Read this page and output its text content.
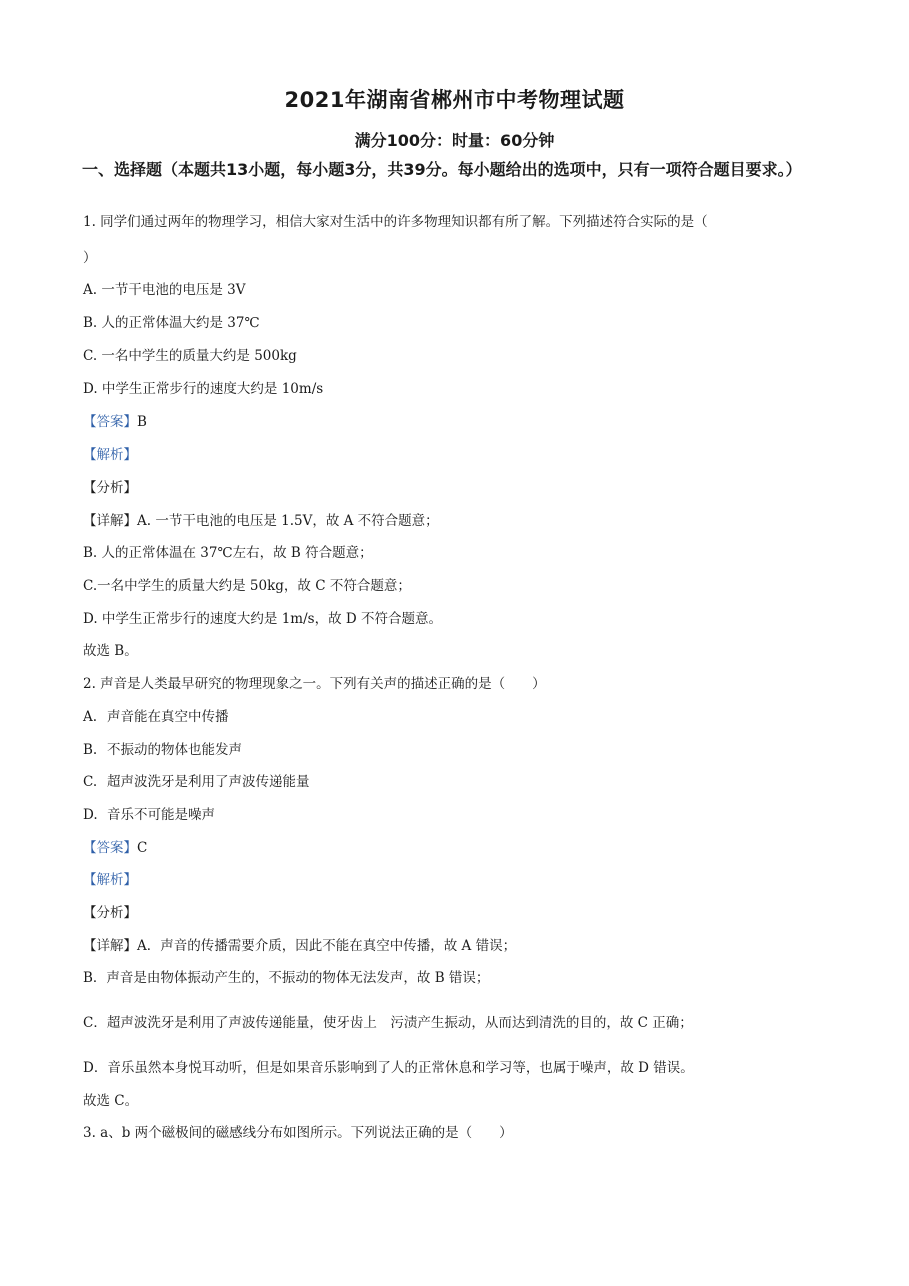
2021年湖南省郴州市中考物理试题
满分100分：时量：60分钟
一、选择题（本题共13小题，每小题3分，共39分。每小题给出的选项中，只有一项符合题目要求。）
1. 同学们通过两年的物理学习，相信大家对生活中的许多物理知识都有所了解。下列描述符合实际的是（
）
A. 一节干电池的电压是 3V
B. 人的正常体温大约是 37℃
C. 一名中学生的质量大约是 500kg
D. 中学生正常步行的速度大约是 10m/s
【答案】B
【解析】
【分析】
【详解】A. 一节干电池的电压是 1.5V，故 A 不符合题意；
B. 人的正常体温在 37℃左右，故 B 符合题意；
C.一名中学生的质量大约是 50kg，故 C 不符合题意；
D. 中学生正常步行的速度大约是 1m/s，故 D 不符合题意。
故选 B。
2. 声音是人类最早研究的物理现象之一。下列有关声的描述正确的是（　　）
A. 声音能在真空中传播
B. 不振动的物体也能发声
C. 超声波洗牙是利用了声波传递能量
D. 音乐不可能是噪声
【答案】C
【解析】
【分析】
【详解】A．声音的传播需要介质，因此不能在真空中传播，故 A 错误；
B．声音是由物体振动产生的，不振动的物体无法发声，故 B 错误；
C．超声波洗牙是利用了声波传递能量，使牙齿上　污渍产生振动，从而达到清洗的目的，故 C 正确；
D．音乐虽然本身悦耳动听，但是如果音乐影响到了人的正常休息和学习等，也属于噪声，故 D 错误。
故选 C。
3. a、b 两个磁极间的磁感线分布如图所示。下列说法正确的是（　　）
